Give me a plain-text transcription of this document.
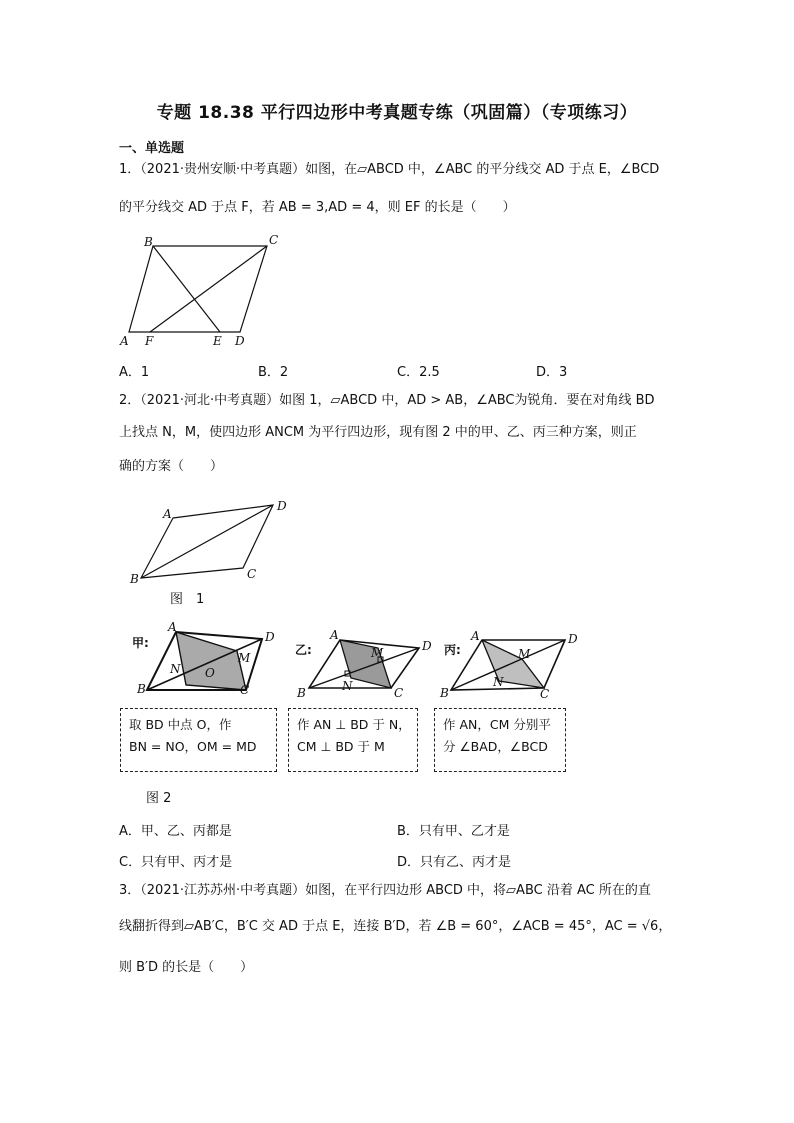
专题 18.38 平行四边形中考真题专练（巩固篇）（专项练习）
一、单选题
1．（2021·贵州安顺·中考真题）如图，在▱ABCD 中，∠ABC 的平分线交 AD 于点 E，∠BCD
的平分线交 AD 于点 F，若 AB = 3,AD = 4，则 EF 的长是（　　）
B	C
A F	E D
A．1	B．2	C．2.5	D．3
2．（2021·河北·中考真题）如图 1，▱ABCD 中，AD > AB，∠ABC为锐角．要在对角线 BD
上找点 N，M，使四边形 ANCM 为平行四边形，现有图 2 中的甲、乙、丙三种方案，则正
确的方案（　　）
A
D
B	C
图　1
甲:
A
D
B	C
N
M
O
乙:
A
D
B	C
N
M	丙:
A	D
B	C
N
M
取 BD 中点 O，作
BN = NO，OM = MD
作 AN ⊥ BD 于 N，
CM ⊥ BD 于 M
作 AN，CM 分别平
分 ∠BAD，∠BCD
图 2
A．甲、乙、丙都是	B．只有甲、乙才是
C．只有甲、丙才是	D．只有乙、丙才是
3．（2021·江苏苏州·中考真题）如图，在平行四边形 ABCD 中，将▱ABC 沿着 AC 所在的直
线翻折得到▱AB′C，B′C 交 AD 于点 E，连接 B′D，若 ∠B = 60°，∠ACB = 45°，AC = √6，
则 B′D 的长是（　　）
